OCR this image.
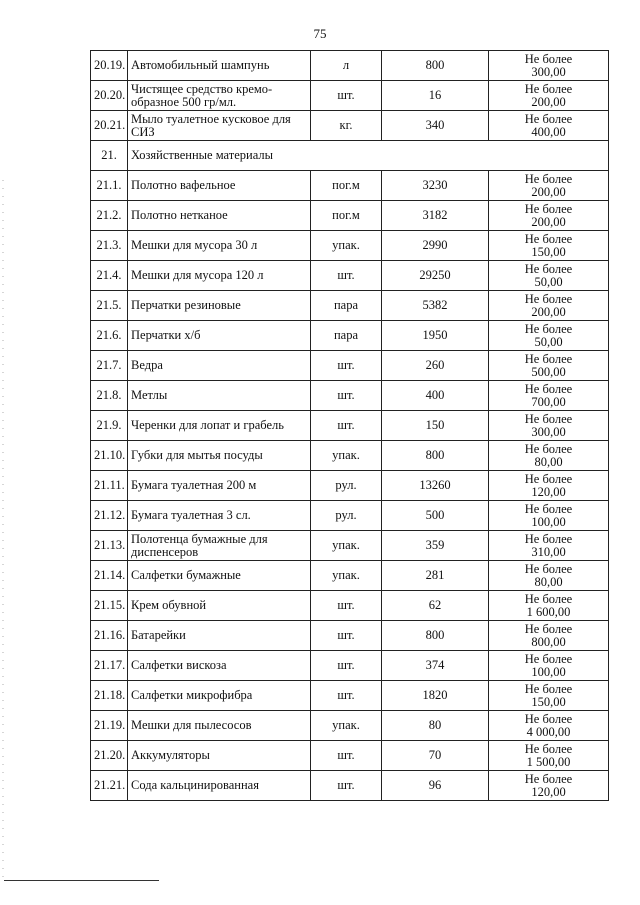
75
20.19.	Автомобильный шампунь	л	800	Не более
300,00

20.20.	Чистящее средство кремо-образное 500 гр/мл.	шт.	16	Не более
200,00

20.21.	Мыло туалетное кусковое для СИЗ	кг.	340	Не более
400,00

21.	Хозяйственные материалы			
21.1.	Полотно вафельное	пог.м	3230	Не более
200,00

21.2.	Полотно нетканое	пог.м	3182	Не более
200,00

21.3.	Мешки для мусора 30 л	упак.	2990	Не более
150,00

21.4.	Мешки для мусора 120 л	шт.	29250	Не более
50,00

21.5.	Перчатки резиновые	пара	5382	Не более
200,00

21.6.	Перчатки х/б	пара	1950	Не более
50,00

21.7.	Ведра	шт.	260	Не более
500,00

21.8.	Метлы	шт.	400	Не более
700,00

21.9.	Черенки для лопат и грабель	шт.	150	Не более
300,00

21.10.	Губки для мытья посуды	упак.	800	Не более
80,00

21.11.	Бумага туалетная 200 м	рул.	13260	Не более
120,00

21.12.	Бумага туалетная 3 сл.	рул.	500	Не более
100,00

21.13.	Полотенца бумажные для диспенсеров	упак.	359	Не более
310,00

21.14.	Салфетки бумажные	упак.	281	Не более
80,00

21.15.	Крем обувной	шт.	62	Не более
1 600,00

21.16.	Батарейки	шт.	800	Не более
800,00

21.17.	Салфетки вискоза	шт.	374	Не более
100,00

21.18.	Салфетки микрофибра	шт.	1820	Не более
150,00

21.19.	Мешки для пылесосов	упак.	80	Не более
4 000,00

21.20.	Аккумуляторы	шт.	70	Не более
1 500,00

21.21.	Сода кальцинированная	шт.	96	Не более
120,00
